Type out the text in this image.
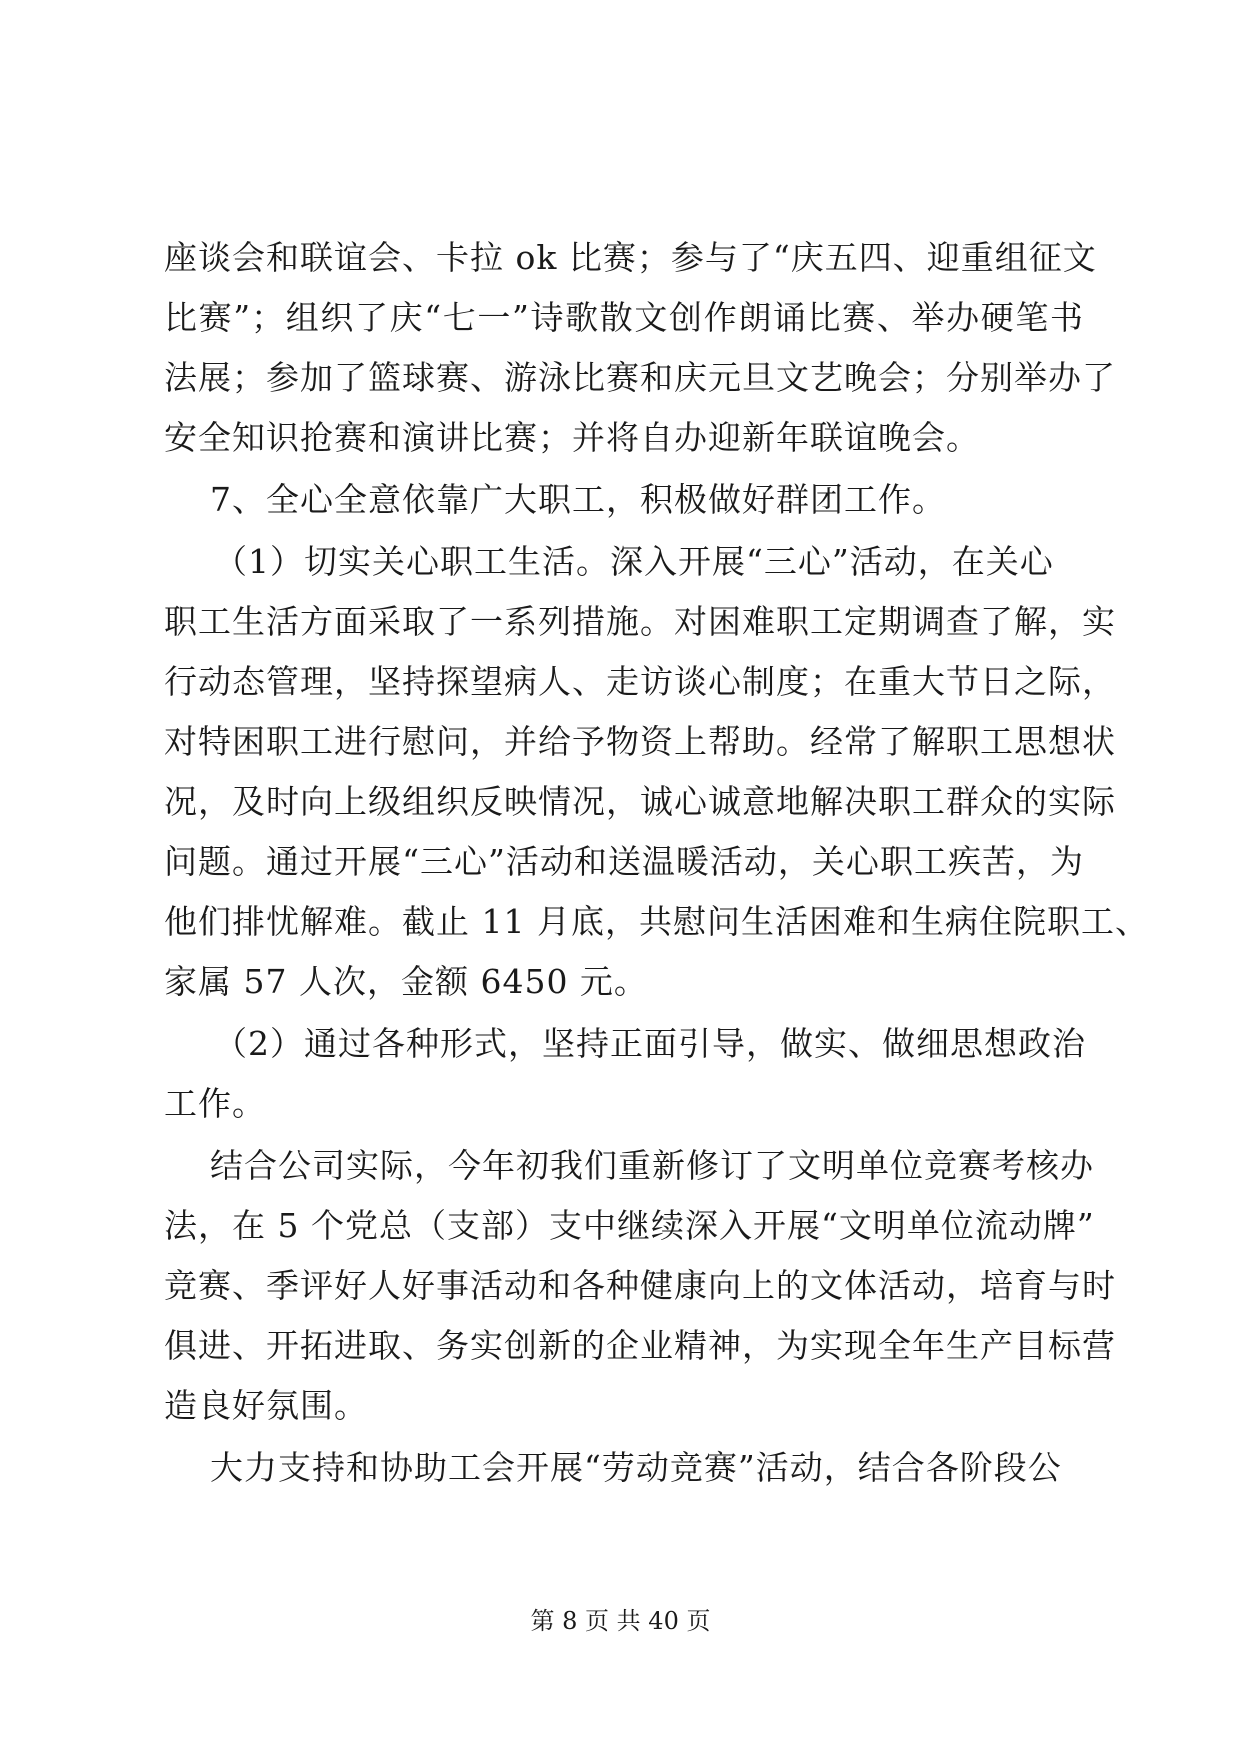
座谈会和联谊会、卡拉 ok 比赛；参与了“庆五四、迎重组征文
比赛”；组织了庆“七一”诗歌散文创作朗诵比赛、举办硬笔书
法展；参加了篮球赛、游泳比赛和庆元旦文艺晚会；分别举办了
安全知识抢赛和演讲比赛；并将自办迎新年联谊晚会。
7、全心全意依靠广大职工，积极做好群团工作。
（1）切实关心职工生活。深入开展“三心”活动，在关心
职工生活方面采取了一系列措施。对困难职工定期调查了解，实
行动态管理，坚持探望病人、走访谈心制度；在重大节日之际，
对特困职工进行慰问，并给予物资上帮助。经常了解职工思想状
况，及时向上级组织反映情况，诚心诚意地解决职工群众的实际
问题。通过开展“三心”活动和送温暖活动，关心职工疾苦，为
他们排忧解难。截止 11 月底，共慰问生活困难和生病住院职工、
家属 57 人次，金额 6450 元。
（2）通过各种形式，坚持正面引导，做实、做细思想政治
工作。
结合公司实际，今年初我们重新修订了文明单位竞赛考核办
法，在 5 个党总（支部）支中继续深入开展“文明单位流动牌”
竞赛、季评好人好事活动和各种健康向上的文体活动，培育与时
俱进、开拓进取、务实创新的企业精神，为实现全年生产目标营
造良好氛围。
大力支持和协助工会开展“劳动竞赛”活动，结合各阶段公
第 8 页 共 40 页
